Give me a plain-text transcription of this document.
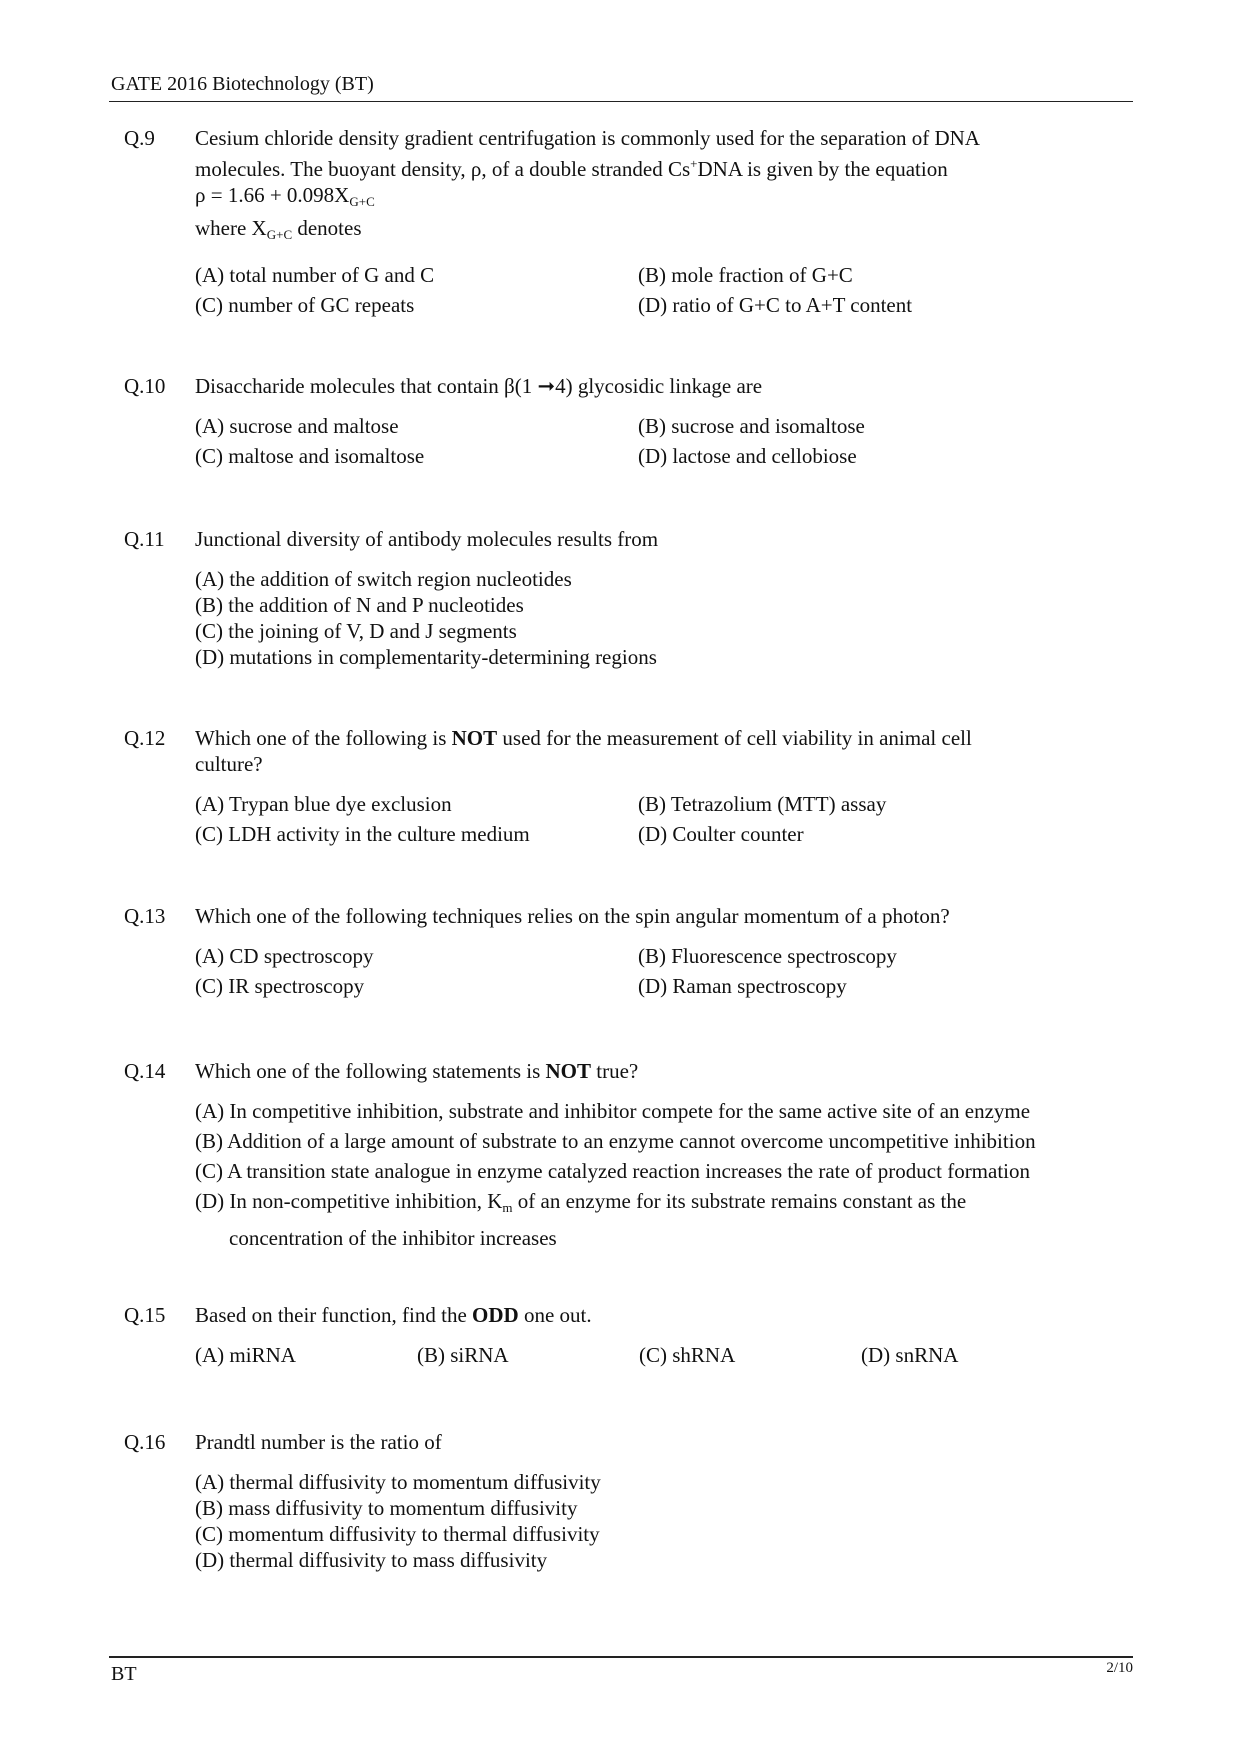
GATE 2016 Biotechnology (BT)
Q.9 Cesium chloride density gradient centrifugation is commonly used for the separation of DNA
molecules. The buoyant density, ρ, of a double stranded Cs+DNA is given by the equation
$\rho = 1.66 + 0.098X_{G+C}$
where $X_{G+C}$ denotes
(A) total number of G and C	(B) mole fraction of G+C
(C) number of GC repeats	(D) ratio of G+C to A+T content
Q.10 Disaccharide molecules that contain β(1 ➞4) glycosidic linkage are
(A) sucrose and maltose	(B) sucrose and isomaltose
(C) maltose and isomaltose	(D) lactose and cellobiose
Q.11 Junctional diversity of antibody molecules results from
(A) the addition of switch region nucleotides
(B) the addition of N and P nucleotides
(C) the joining of V, D and J segments
(D) mutations in complementarity-determining regions
Q.12 Which one of the following is NOT used for the measurement of cell viability in animal cell
culture?
(A) Trypan blue dye exclusion	(B) Tetrazolium (MTT) assay
(C) LDH activity in the culture medium	(D) Coulter counter
Q.13 Which one of the following techniques relies on the spin angular momentum of a photon?
(A) CD spectroscopy	(B) Fluorescence spectroscopy
(C) IR spectroscopy	(D) Raman spectroscopy
Q.14 Which one of the following statements is NOT true?
(A) In competitive inhibition, substrate and inhibitor compete for the same active site of an enzyme
(B) Addition of a large amount of substrate to an enzyme cannot overcome uncompetitive inhibition
(C) A transition state analogue in enzyme catalyzed reaction increases the rate of product formation
(D) In non-competitive inhibition, $K_m$ of an enzyme for its substrate remains constant as the
concentration of the inhibitor increases
Q.15 Based on their function, find the ODD one out.
(A) miRNA	(B) siRNA	(C) shRNA	(D) snRNA
Q.16 Prandtl number is the ratio of
(A) thermal diffusivity to momentum diffusivity
(B) mass diffusivity to momentum diffusivity
(C) momentum diffusivity to thermal diffusivity
(D) thermal diffusivity to mass diffusivity
BT	2/10
